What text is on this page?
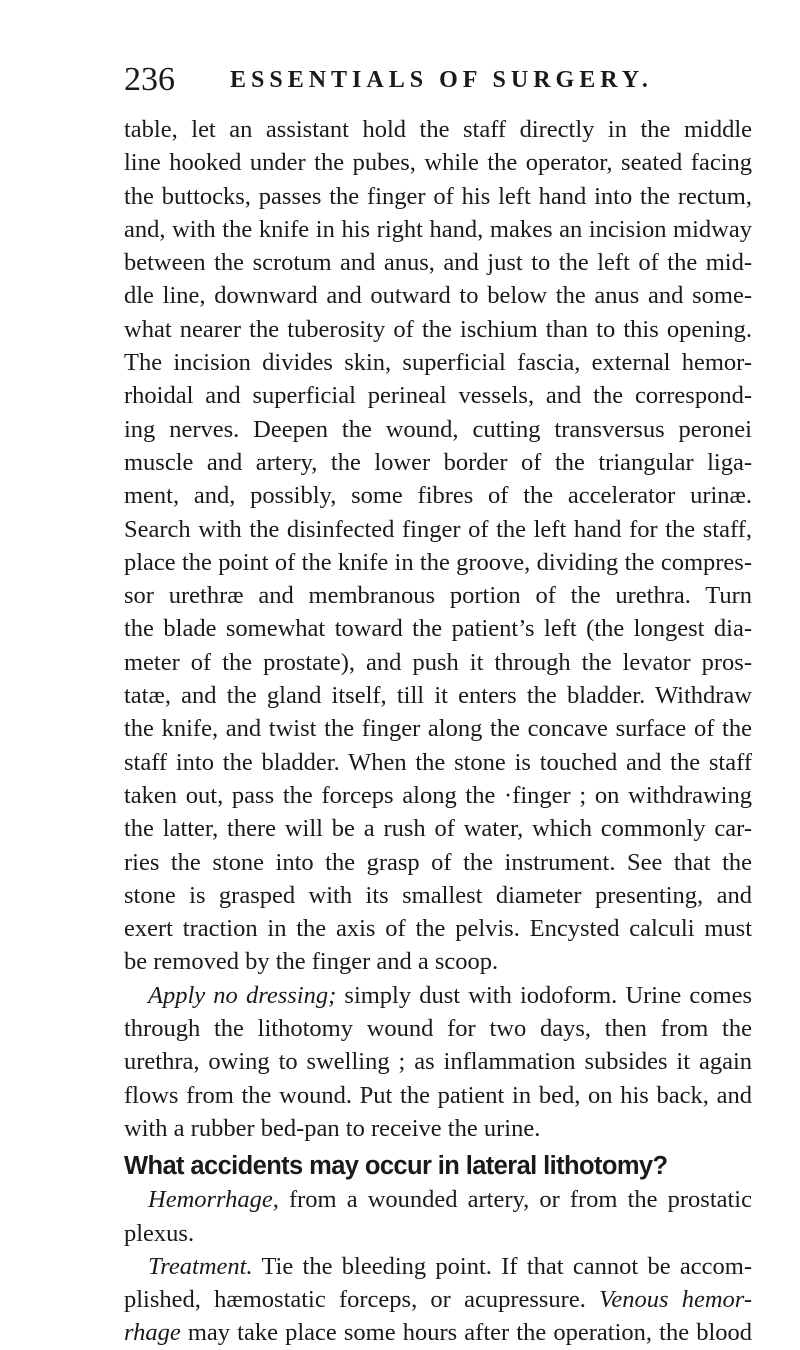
236 ESSENTIALS OF SURGERY.

table, let an assistant hold the staff directly in the middle

line hooked under the pubes, while the operator, seated facing

the buttocks, passes the finger of his left hand into the rectum,

and, with the knife in his right hand, makes an incision midway

between the scrotum and anus, and just to the left of the mid-

dle line, downward and outward to below the anus and some-

what nearer the tuberosity of the ischium than to this opening.

The incision divides skin, superficial fascia, external hemor-

rhoidal and superficial perineal vessels, and the correspond-

ing nerves. Deepen the wound, cutting transversus peronei

muscle and artery, the lower border of the triangular liga-

ment, and, possibly, some fibres of the accelerator urinæ.

Search with the disinfected finger of the left hand for the staff,

place the point of the knife in the groove, dividing the compres-

sor urethræ and membranous portion of the urethra. Turn

the blade somewhat toward the patient’s left (the longest dia-

meter of the prostate), and push it through the levator pros-

tatæ, and the gland itself, till it enters the bladder. Withdraw

the knife, and twist the finger along the concave surface of the

staff into the bladder. When the stone is touched and the staff

taken out, pass the forceps along the ·finger ; on withdrawing

the latter, there will be a rush of water, which commonly car-

ries the stone into the grasp of the instrument. See that the

stone is grasped with its smallest diameter presenting, and

exert traction in the axis of the pelvis. Encysted calculi must

be removed by the finger and a scoop.

Apply no dressing; simply dust with iodoform. Urine comes

through the lithotomy wound for two days, then from the

urethra, owing to swelling ; as inflammation subsides it again

flows from the wound. Put the patient in bed, on his back, and

with a rubber bed-pan to receive the urine.

What accidents may occur in lateral lithotomy?

Hemorrhage, from a wounded artery, or from the prostatic

plexus.

Treatment. Tie the bleeding point. If that cannot be accom-

plished, hæmostatic forceps, or acupressure. Venous hemor-

rhage may take place some hours after the operation, the blood
